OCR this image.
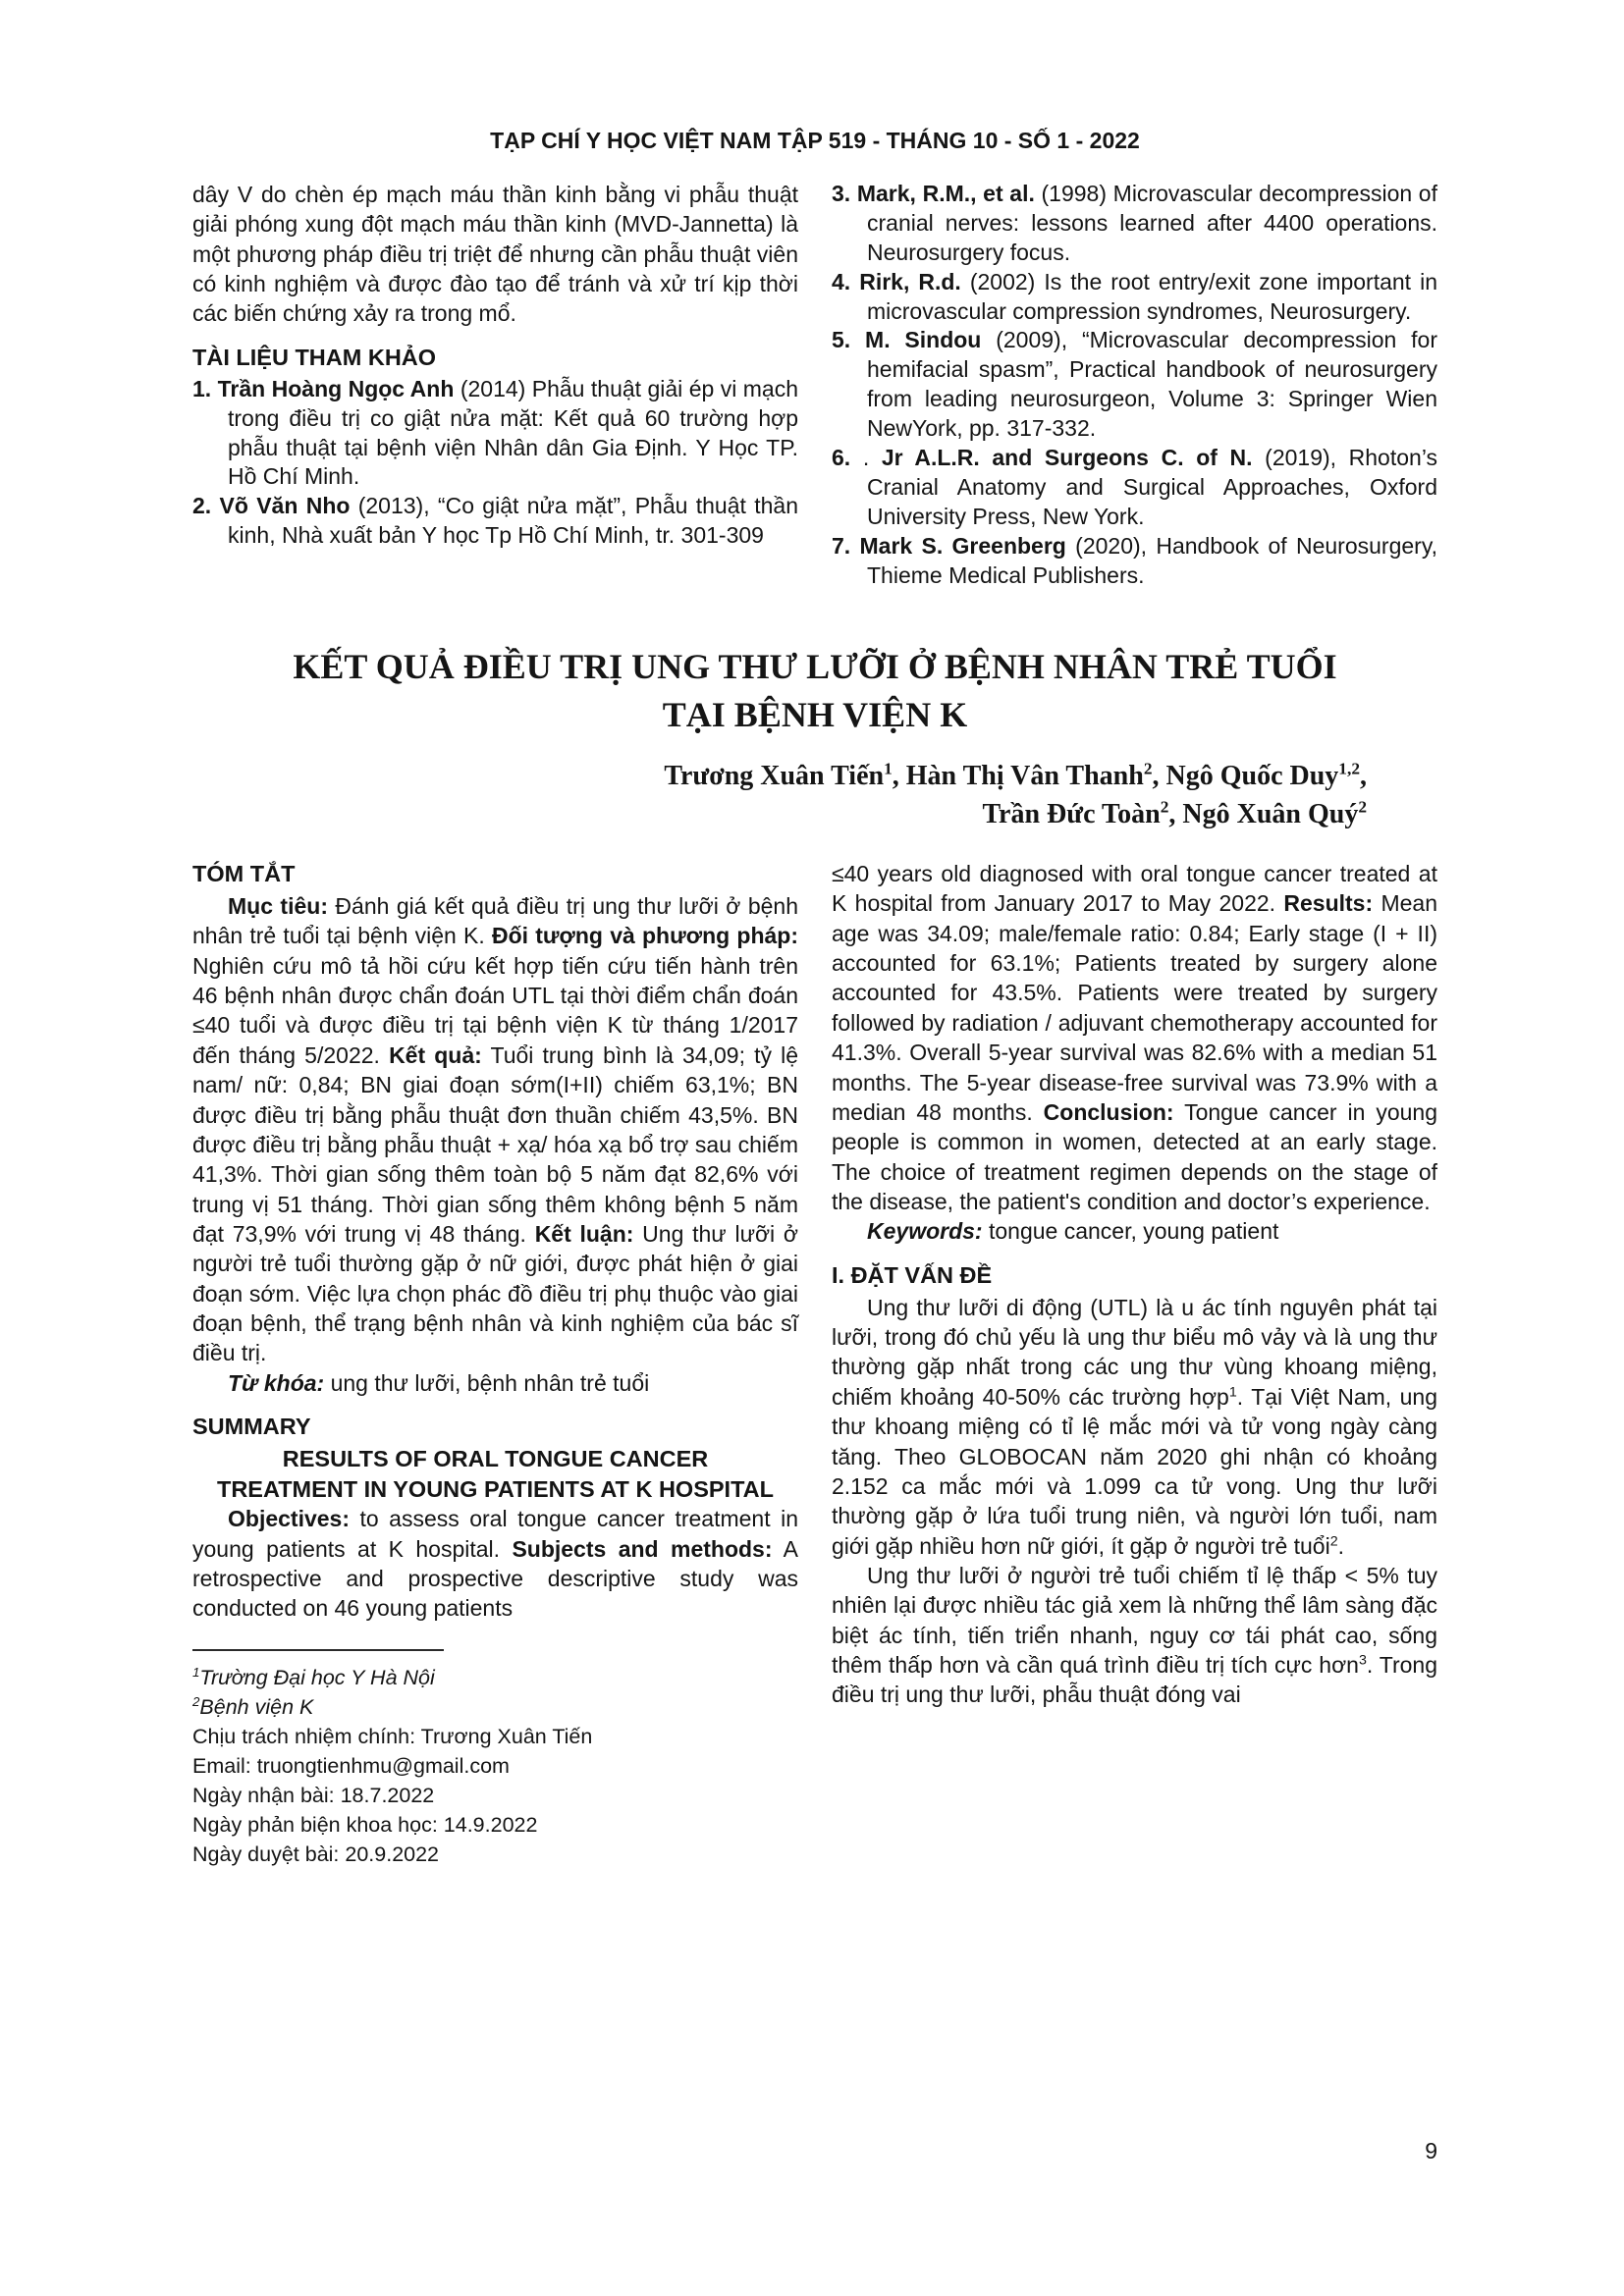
TẠP CHÍ Y HỌC VIỆT NAM TẬP 519 - THÁNG 10 - SỐ 1 - 2022

dây V do chèn ép mạch máu thần kinh bằng vi phẫu thuật giải phóng xung đột mạch máu thần kinh (MVD-Jannetta) là một phương pháp điều trị triệt để nhưng cần phẫu thuật viên có kinh nghiệm và được đào tạo để tránh và xử trí kịp thời các biến chứng xảy ra trong mổ.

TÀI LIỆU THAM KHẢO

1. Trần Hoàng Ngọc Anh (2014) Phẫu thuật giải ép vi mạch trong điều trị co giật nửa mặt: Kết quả 60 trường hợp phẫu thuật tại bệnh viện Nhân dân Gia Định. Y Học TP. Hồ Chí Minh.

2. Võ Văn Nho (2013), “Co giật nửa mặt”, Phẫu thuật thần kinh, Nhà xuất bản Y học Tp Hồ Chí Minh, tr. 301-309

3. Mark, R.M., et al. (1998) Microvascular decompression of cranial nerves: lessons learned after 4400 operations. Neurosurgery focus.

4. Rirk, R.d. (2002) Is the root entry/exit zone important in microvascular compression syndromes, Neurosurgery.

5. M. Sindou (2009), “Microvascular decompression for hemifacial spasm”, Practical handbook of neurosurgery from leading neurosurgeon, Volume 3: Springer Wien NewYork, pp. 317-332.

6. . Jr A.L.R. and Surgeons C. of N. (2019), Rhoton’s Cranial Anatomy and Surgical Approaches, Oxford University Press, New York.

7. Mark S. Greenberg (2020), Handbook of Neurosurgery, Thieme Medical Publishers.

KẾT QUẢ ĐIỀU TRỊ UNG THƯ LƯỠI Ở BỆNH NHÂN TRẺ TUỔI
TẠI BỆNH VIỆN K
Trương Xuân Tiến$^1$, Hàn Thị Vân Thanh$^2$, Ngô Quốc Duy$^{1,2}$,
Trần Đức Toàn$^2$, Ngô Xuân Quý$^2$
TÓM TẮT

Mục tiêu: Đánh giá kết quả điều trị ung thư lưỡi ở bệnh nhân trẻ tuổi tại bệnh viện K. Đối tượng và phương pháp: Nghiên cứu mô tả hồi cứu kết hợp tiến cứu tiến hành trên 46 bệnh nhân được chẩn đoán UTL tại thời điểm chẩn đoán ≤40 tuổi và được điều trị tại bệnh viện K từ tháng 1/2017 đến tháng 5/2022. Kết quả: Tuổi trung bình là 34,09; tỷ lệ nam/ nữ: 0,84; BN giai đoạn sớm(I+II) chiếm 63,1%; BN được điều trị bằng phẫu thuật đơn thuần chiếm 43,5%. BN được điều trị bằng phẫu thuật + xạ/ hóa xạ bổ trợ sau chiếm 41,3%. Thời gian sống thêm toàn bộ 5 năm đạt 82,6% với trung vị 51 tháng. Thời gian sống thêm không bệnh 5 năm đạt 73,9% với trung vị 48 tháng. Kết luận: Ung thư lưỡi ở người trẻ tuổi thường gặp ở nữ giới, được phát hiện ở giai đoạn sớm. Việc lựa chọn phác đồ điều trị phụ thuộc vào giai đoạn bệnh, thể trạng bệnh nhân và kinh nghiệm của bác sĩ điều trị.

Từ khóa: ung thư lưỡi, bệnh nhân trẻ tuổi

SUMMARY
RESULTS OF ORAL TONGUE CANCER
TREATMENT IN YOUNG PATIENTS AT K HOSPITAL

Objectives: to assess oral tongue cancer treatment in young patients at K hospital. Subjects and methods: A retrospective and prospective descriptive study was conducted on 46 young patients

$^1$Trường Đại học Y Hà Nội

$^2$Bệnh viện K

Chịu trách nhiệm chính: Trương Xuân Tiến

Email: truongtienhmu@gmail.com

Ngày nhận bài: 18.7.2022

Ngày phản biện khoa học: 14.9.2022

Ngày duyệt bài: 20.9.2022

≤40 years old diagnosed with oral tongue cancer treated at K hospital from January 2017 to May 2022. Results: Mean age was 34.09; male/female ratio: 0.84; Early stage (I + II) accounted for 63.1%; Patients treated by surgery alone accounted for 43.5%. Patients were treated by surgery followed by radiation / adjuvant chemotherapy accounted for 41.3%. Overall 5-year survival was 82.6% with a median 51 months. The 5-year disease-free survival was 73.9% with a median 48 months. Conclusion: Tongue cancer in young people is common in women, detected at an early stage. The choice of treatment regimen depends on the stage of the disease, the patient's condition and doctor’s experience.

Keywords: tongue cancer, young patient

I. ĐẶT VẤN ĐỀ

Ung thư lưỡi di động (UTL) là u ác tính nguyên phát tại lưỡi, trong đó chủ yếu là ung thư biểu mô vảy và là ung thư thường gặp nhất trong các ung thư vùng khoang miệng, chiếm khoảng 40-50% các trường hợp$^1$. Tại Việt Nam, ung thư khoang miệng có tỉ lệ mắc mới và tử vong ngày càng tăng. Theo GLOBOCAN năm 2020 ghi nhận có khoảng 2.152 ca mắc mới và 1.099 ca tử vong. Ung thư lưỡi thường gặp ở lứa tuổi trung niên, và người lớn tuổi, nam giới gặp nhiều hơn nữ giới, ít gặp ở người trẻ tuổi$^2$.

Ung thư lưỡi ở người trẻ tuổi chiếm tỉ lệ thấp < 5% tuy nhiên lại được nhiều tác giả xem là những thể lâm sàng đặc biệt ác tính, tiến triển nhanh, nguy cơ tái phát cao, sống thêm thấp hơn và cần quá trình điều trị tích cực hơn$^3$. Trong điều trị ung thư lưỡi, phẫu thuật đóng vai

9
